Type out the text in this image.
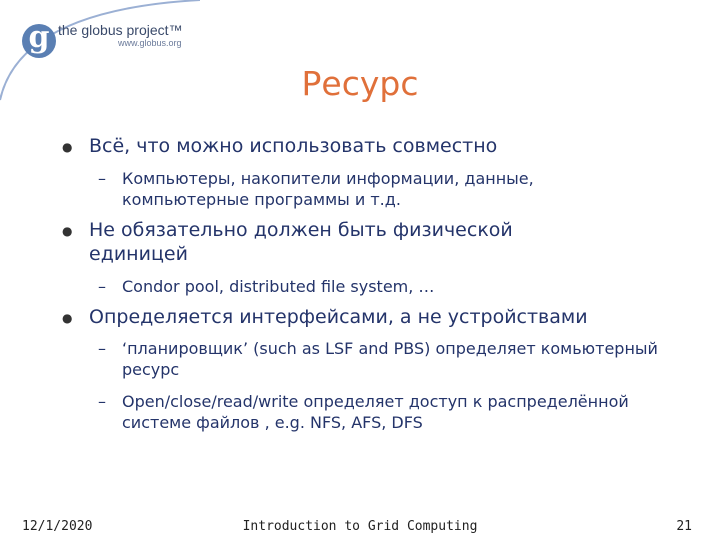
g the globus project™
www.globus.org
Ресурс
● Всё, что можно использовать совместно
–	Компьютеры, накопители информации, данные, компьютерные программы и т.д.
● Не обязательно должен быть физической единицей
–	Condor pool, distributed file system, …
● Определяется интерфейсами, а не устройствами
–	‘планировщик’ (such as LSF and PBS) определяет комьютерный ресурс
–	Open/close/read/write определяет доступ к распределённой системе файлов , e.g. NFS, AFS, DFS
12/1/2020	Introduction to Grid Computing	21
